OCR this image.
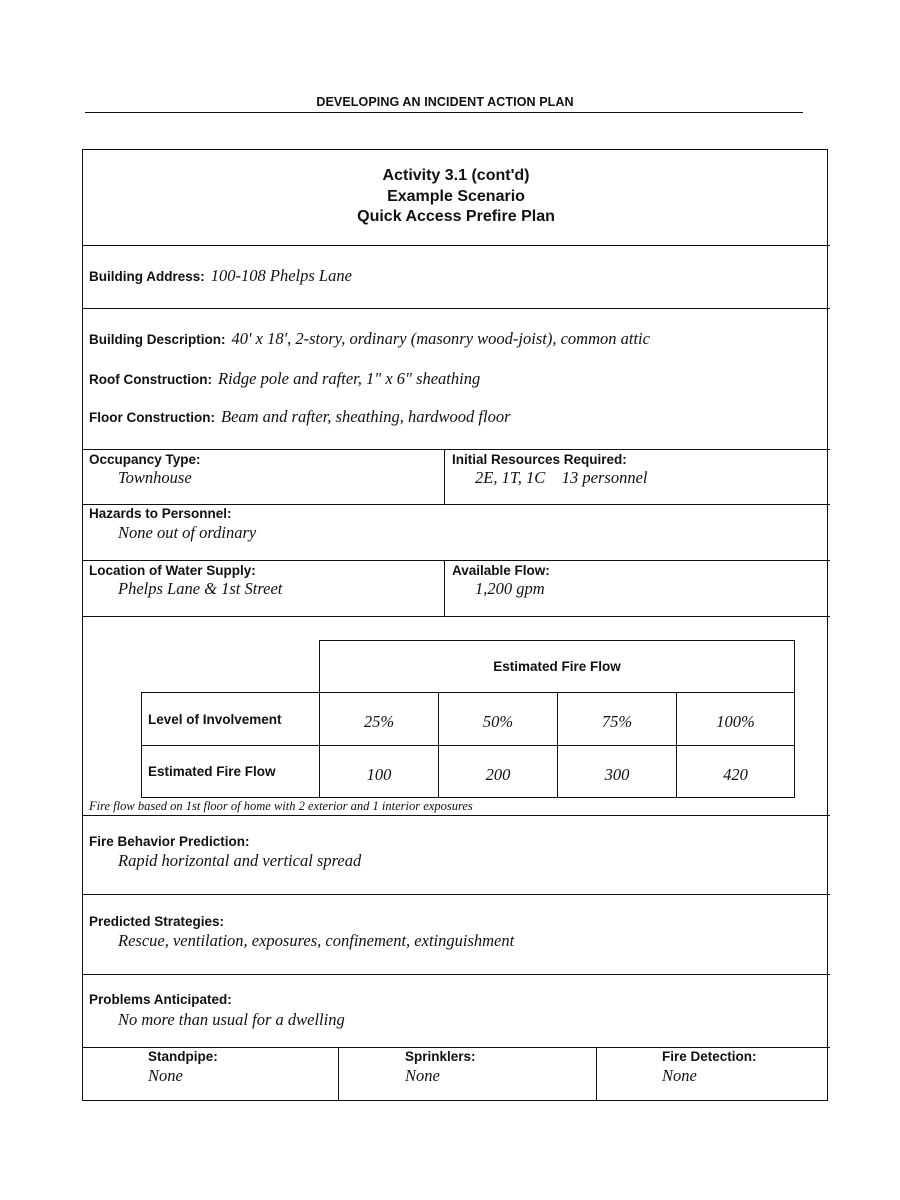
DEVELOPING AN INCIDENT ACTION PLAN
Activity 3.1 (cont'd)
Example Scenario
Quick Access Prefire Plan
Building Address: 100-108 Phelps Lane
Building Description: 40' x 18', 2-story, ordinary (masonry wood-joist), common attic
Roof Construction: Ridge pole and rafter, 1" x 6" sheathing
Floor Construction: Beam and rafter, sheathing, hardwood floor
Occupancy Type:
Townhouse
Initial Resources Required:
2E, 1T, 1C    13 personnel
Hazards to Personnel:
None out of ordinary
Location of Water Supply:
Phelps Lane & 1st Street
Available Flow:
1,200 gpm
Estimated Fire Flow
Level of Involvement	25%	50%	75%	100%
Estimated Fire Flow	100	200	300	420
Fire flow based on 1st floor of home with 2 exterior and 1 interior exposures
Fire Behavior Prediction:
Rapid horizontal and vertical spread
Predicted Strategies:
Rescue, ventilation, exposures, confinement, extinguishment
Problems Anticipated:
No more than usual for a dwelling
Standpipe:
None
Sprinklers:
None
Fire Detection:
None
